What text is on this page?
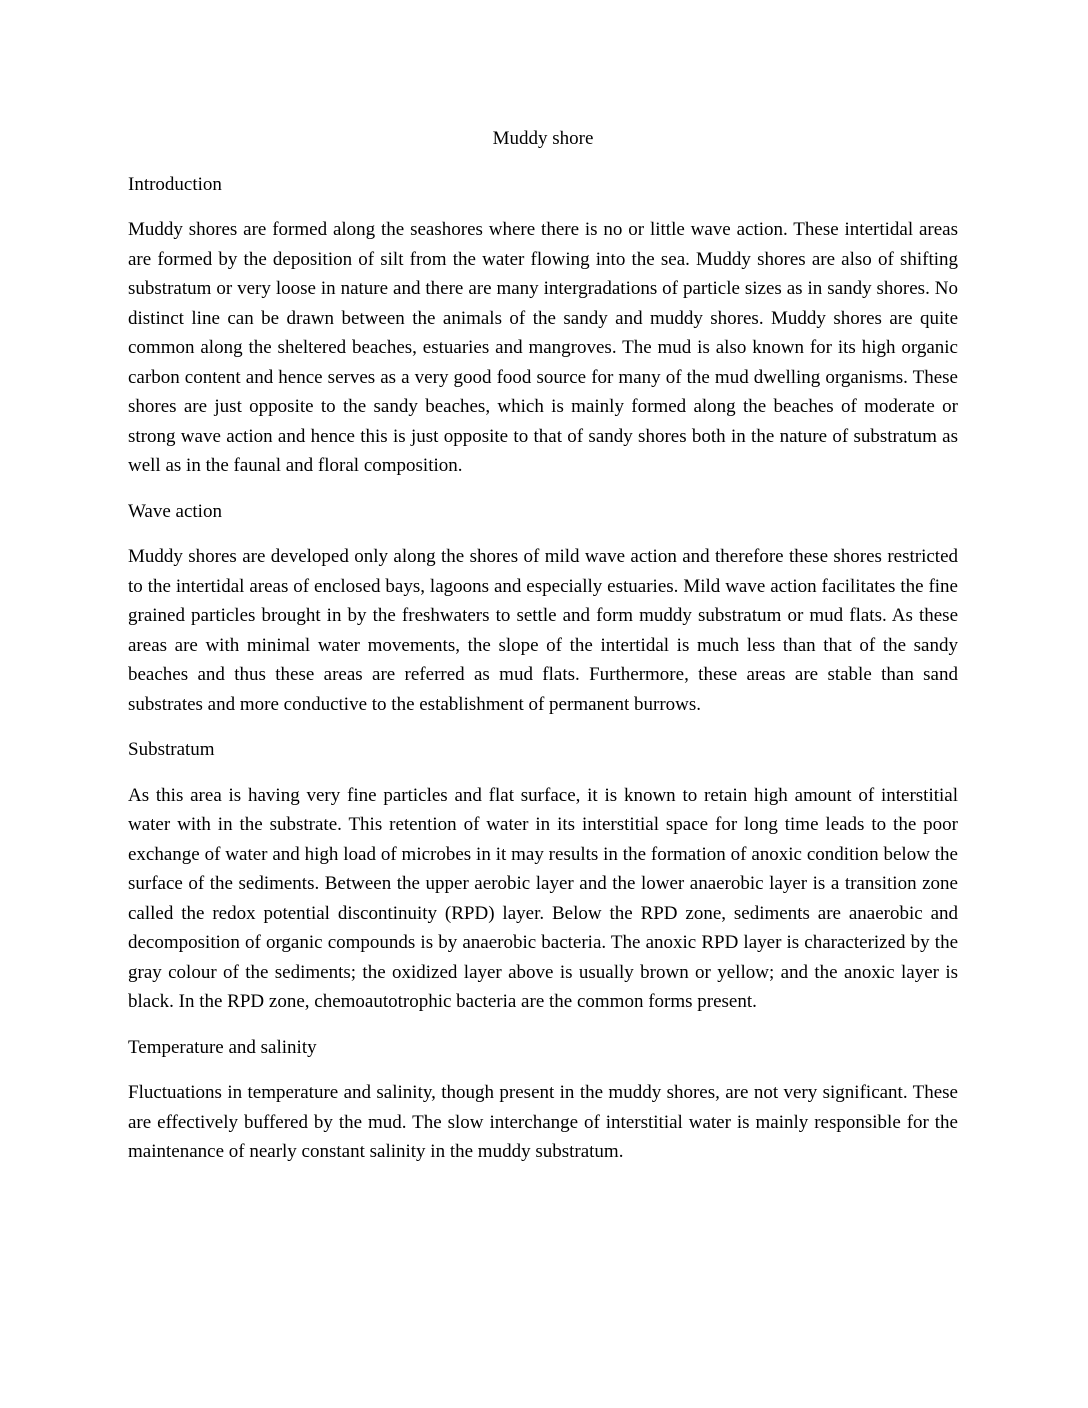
Muddy shore
Introduction

Muddy shores are formed along the seashores where there is no or little wave action. These intertidal areas are formed by the deposition of silt from the water flowing into the sea. Muddy shores are also of shifting substratum or very loose in nature and there are many intergradations of particle sizes as in sandy shores. No distinct line can be drawn between the animals of the sandy and muddy shores. Muddy shores are quite common along the sheltered beaches, estuaries and mangroves. The mud is also known for its high organic carbon content and hence serves as a very good food source for many of the mud dwelling organisms. These shores are just opposite to the sandy beaches, which is mainly formed along the beaches of moderate or strong wave action and hence this is just opposite to that of sandy shores both in the nature of substratum as well as in the faunal and floral composition.

Wave action

Muddy shores are developed only along the shores of mild wave action and therefore these shores restricted to the intertidal areas of enclosed bays, lagoons and especially estuaries. Mild wave action facilitates the fine grained particles brought in by the freshwaters to settle and form muddy substratum or mud flats. As these areas are with minimal water movements, the slope of the intertidal is much less than that of the sandy beaches and thus these areas are referred as mud flats. Furthermore, these areas are stable than sand substrates and more conductive to the establishment of permanent burrows.

Substratum

As this area is having very fine particles and flat surface, it is known to retain high amount of interstitial water with in the substrate. This retention of water in its interstitial space for long time leads to the poor exchange of water and high load of microbes in it may results in the formation of anoxic condition below the surface of the sediments. Between the upper aerobic layer and the lower anaerobic layer is a transition zone called the redox potential discontinuity (RPD) layer. Below the RPD zone, sediments are anaerobic and decomposition of organic compounds is by anaerobic bacteria. The anoxic RPD layer is characterized by the gray colour of the sediments; the oxidized layer above is usually brown or yellow; and the anoxic layer is black. In the RPD zone, chemoautotrophic bacteria are the common forms present.

Temperature and salinity

Fluctuations in temperature and salinity, though present in the muddy shores, are not very significant. These are effectively buffered by the mud. The slow interchange of interstitial water is mainly responsible for the maintenance of nearly constant salinity in the muddy substratum.
